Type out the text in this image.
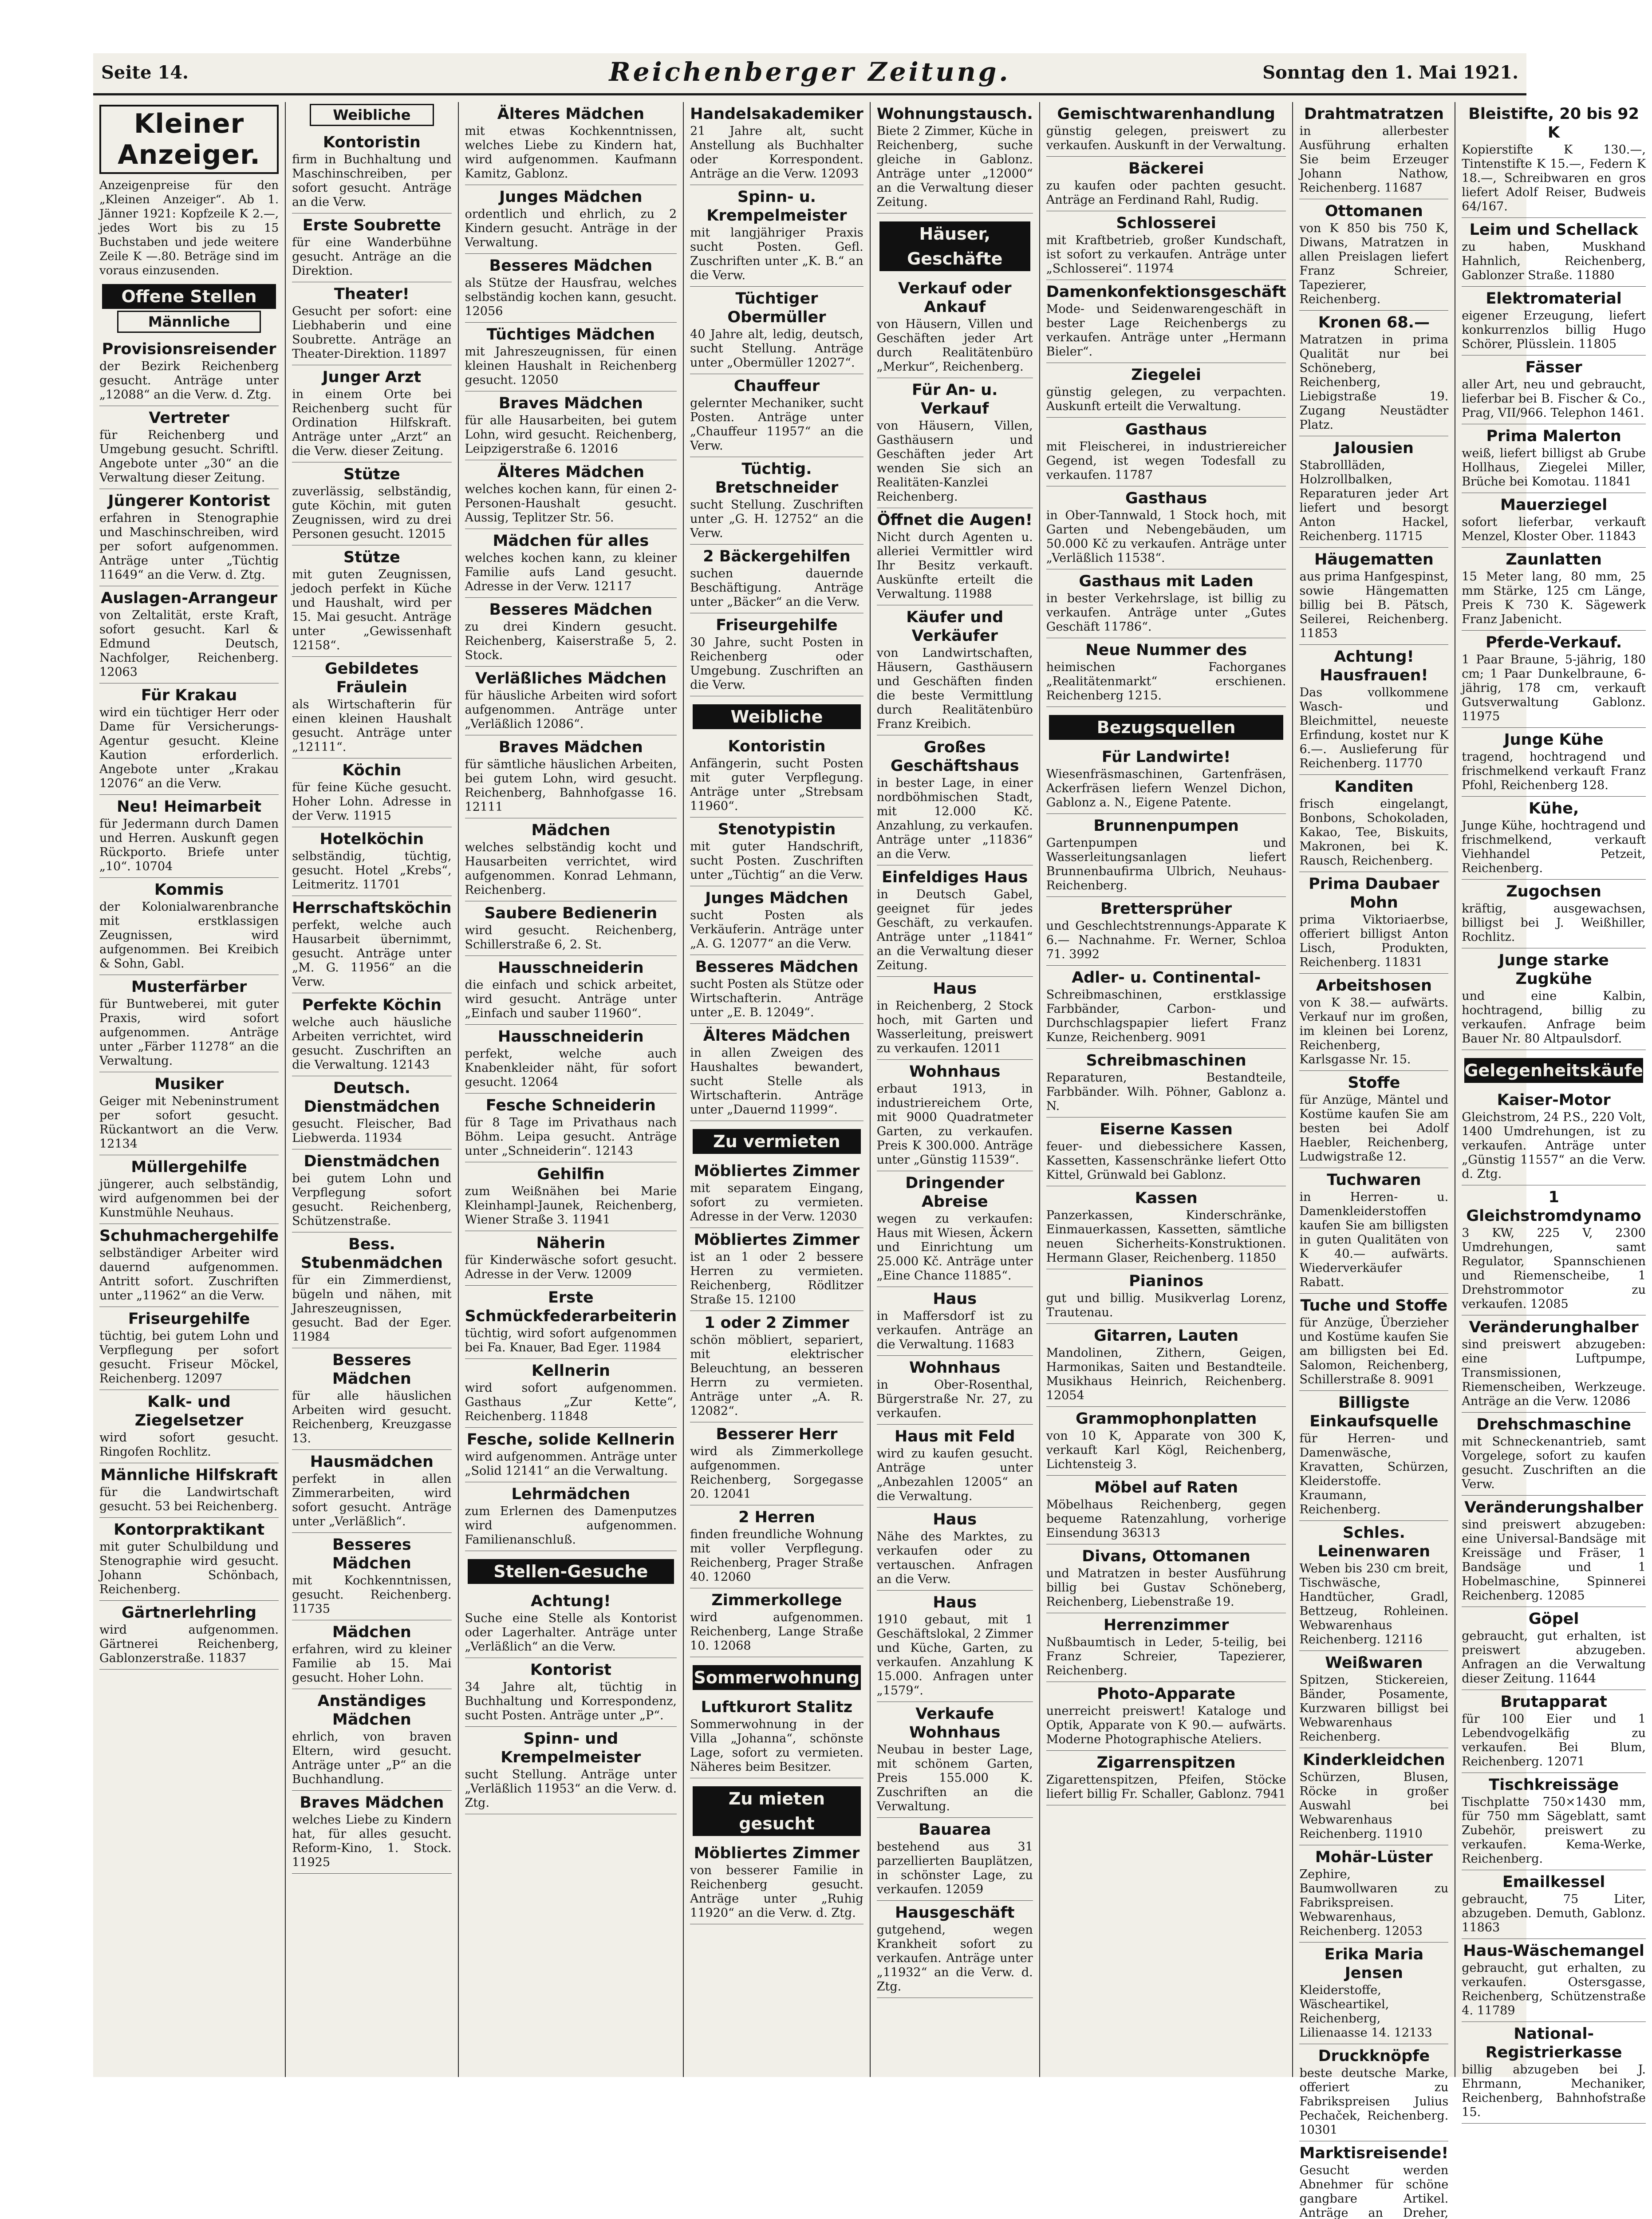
Seite 14.	Reichenberger Zeitung.	Sonntag den 1. Mai 1921.
Kleiner Anzeiger.
Anzeigenpreise für den „Kleinen Anzeiger“. Ab 1. Jänner 1921: Kopfzeile K 2.—, jedes Wort bis zu 15 Buchstaben und jede weitere Zeile K —.80. Beträge sind im voraus einzusenden.
Offene Stellen
Männliche
Provisionsreisender

der Bezirk Reichenberg gesucht. Anträge unter „12088“ an die Verw. d. Ztg.

Vertreter

für Reichenberg und Umgebung gesucht. Schriftl. Angebote unter „30“ an die Verwaltung dieser Zeitung.

Jüngerer Kontorist

erfahren in Stenographie und Maschinschreiben, wird per sofort aufgenommen. Anträge unter „Tüchtig 11649“ an die Verw. d. Ztg.

Auslagen-Arrangeur

von Zeltalität, erste Kraft, sofort gesucht. Karl & Edmund Deutsch, Nachfolger, Reichenberg. 12063

Für Krakau

wird ein tüchtiger Herr oder Dame für Versicherungs-Agentur gesucht. Kleine Kaution erforderlich. Angebote unter „Krakau 12076“ an die Verw.

Neu! Heimarbeit

für Jedermann durch Damen und Herren. Auskunft gegen Rückporto. Briefe unter „10“. 10704

Kommis

der Kolonialwarenbranche mit erstklassigen Zeugnissen, wird aufgenommen. Bei Kreibich & Sohn, Gabl.

Musterfärber

für Buntweberei, mit guter Praxis, wird sofort aufgenommen. Anträge unter „Färber 11278“ an die Verwaltung.

Musiker

Geiger mit Nebeninstrument per sofort gesucht. Rückantwort an die Verw. 12134

Müllergehilfe

jüngerer, auch selbständig, wird aufgenommen bei der Kunstmühle Neuhaus.

Schuhmachergehilfe

selbständiger Arbeiter wird dauernd aufgenommen. Antritt sofort. Zuschriften unter „11962“ an die Verw.

Friseurgehilfe

tüchtig, bei gutem Lohn und Verpflegung per sofort gesucht. Friseur Möckel, Reichenberg. 12097

Kalk- und Ziegelsetzer

wird sofort gesucht. Ringofen Rochlitz.

Männliche Hilfskraft

für die Landwirtschaft gesucht. 53 bei Reichenberg.

Kontorpraktikant

mit guter Schulbildung und Stenographie wird gesucht. Johann Schönbach, Reichenberg.

Gärtnerlehrling

wird aufgenommen. Gärtnerei Reichenberg, Gablonzerstraße. 11837

Weibliche
Kontoristin

firm in Buchhaltung und Maschinschreiben, per sofort gesucht. Anträge an die Verw.

Erste Soubrette

für eine Wanderbühne gesucht. Anträge an die Direktion.

Theater!

Gesucht per sofort: eine Liebhaberin und eine Soubrette. Anträge an Theater-Direktion. 11897

Junger Arzt

in einem Orte bei Reichenberg sucht für Ordination Hilfskraft. Anträge unter „Arzt“ an die Verw. dieser Zeitung.

Stütze

zuverlässig, selbständig, gute Köchin, mit guten Zeugnissen, wird zu drei Personen gesucht. 12015

Stütze

mit guten Zeugnissen, jedoch perfekt in Küche und Haushalt, wird per 15. Mai gesucht. Anträge unter „Gewissenhaft 12158“.

Gebildetes Fräulein

als Wirtschafterin für einen kleinen Haushalt gesucht. Anträge unter „12111“.

Köchin

für feine Küche gesucht. Hoher Lohn. Adresse in der Verw. 11915

Hotelköchin

selbständig, tüchtig, gesucht. Hotel „Krebs“, Leitmeritz. 11701

Herrschaftsköchin

perfekt, welche auch Hausarbeit übernimmt, gesucht. Anträge unter „M. G. 11956“ an die Verw.

Perfekte Köchin

welche auch häusliche Arbeiten verrichtet, wird gesucht. Zuschriften an die Verwaltung. 12143

Deutsch. Dienstmädchen

gesucht. Fleischer, Bad Liebwerda. 11934

Dienstmädchen

bei gutem Lohn und Verpflegung sofort gesucht. Reichenberg, Schützenstraße.

Bess. Stubenmädchen

für ein Zimmerdienst, bügeln und nähen, mit Jahreszeugnissen, gesucht. Bad der Eger. 11984

Besseres Mädchen

für alle häuslichen Arbeiten wird gesucht. Reichenberg, Kreuzgasse 13.

Hausmädchen

perfekt in allen Zimmerarbeiten, wird sofort gesucht. Anträge unter „Verläßlich“.

Besseres Mädchen

mit Kochkenntnissen, gesucht. Reichenberg. 11735

Mädchen

erfahren, wird zu kleiner Familie ab 15. Mai gesucht. Hoher Lohn.

Anständiges Mädchen

ehrlich, von braven Eltern, wird gesucht. Anträge unter „P“ an die Buchhandlung.

Braves Mädchen

welches Liebe zu Kindern hat, für alles gesucht. Reform-Kino, 1. Stock. 11925

Älteres Mädchen

mit etwas Kochkenntnissen, welches Liebe zu Kindern hat, wird aufgenommen. Kaufmann Kamitz, Gablonz.

Junges Mädchen

ordentlich und ehrlich, zu 2 Kindern gesucht. Anträge in der Verwaltung.

Besseres Mädchen

als Stütze der Hausfrau, welches selbständig kochen kann, gesucht. 12056

Tüchtiges Mädchen

mit Jahreszeugnissen, für einen kleinen Haushalt in Reichenberg gesucht. 12050

Braves Mädchen

für alle Hausarbeiten, bei gutem Lohn, wird gesucht. Reichenberg, Leipzigerstraße 6. 12016

Älteres Mädchen

welches kochen kann, für einen 2-Personen-Haushalt gesucht. Aussig, Teplitzer Str. 56.

Mädchen für alles

welches kochen kann, zu kleiner Familie aufs Land gesucht. Adresse in der Verw. 12117

Besseres Mädchen

zu drei Kindern gesucht. Reichenberg, Kaiserstraße 5, 2. Stock.

Verläßliches Mädchen

für häusliche Arbeiten wird sofort aufgenommen. Anträge unter „Verläßlich 12086“.

Braves Mädchen

für sämtliche häuslichen Arbeiten, bei gutem Lohn, wird gesucht. Reichenberg, Bahnhofgasse 16. 12111

Mädchen

welches selbständig kocht und Hausarbeiten verrichtet, wird aufgenommen. Konrad Lehmann, Reichenberg.

Saubere Bedienerin

wird gesucht. Reichenberg, Schillerstraße 6, 2. St.

Hausschneiderin

die einfach und schick arbeitet, wird gesucht. Anträge unter „Einfach und sauber 11960“.

Hausschneiderin

perfekt, welche auch Knabenkleider näht, für sofort gesucht. 12064

Fesche Schneiderin

für 8 Tage im Privathaus nach Böhm. Leipa gesucht. Anträge unter „Schneiderin“. 12143

Gehilfin

zum Weißnähen bei Marie Kleinhampl-Jaunek, Reichenberg, Wiener Straße 3. 11941

Näherin

für Kinderwäsche sofort gesucht. Adresse in der Verw. 12009

Erste Schmückfederarbeiterin

tüchtig, wird sofort aufgenommen bei Fa. Knauer, Bad Eger. 11984

Kellnerin

wird sofort aufgenommen. Gasthaus „Zur Kette“, Reichenberg. 11848

Fesche, solide Kellnerin

wird aufgenommen. Anträge unter „Solid 12141“ an die Verwaltung.

Lehrmädchen

zum Erlernen des Damenputzes wird aufgenommen. Familienanschluß.

Stellen-Gesuche
Achtung!

Suche eine Stelle als Kontorist oder Lagerhalter. Anträge unter „Verläßlich“ an die Verw.

Kontorist

34 Jahre alt, tüchtig in Buchhaltung und Korrespondenz, sucht Posten. Anträge unter „P“.

Spinn- und Krempelmeister

sucht Stellung. Anträge unter „Verläßlich 11953“ an die Verw. d. Ztg.

Handelsakademiker

21 Jahre alt, sucht Anstellung als Buchhalter oder Korrespondent. Anträge an die Verw. 12093

Spinn- u. Krempelmeister

mit langjähriger Praxis sucht Posten. Gefl. Zuschriften unter „K. B.“ an die Verw.

Tüchtiger Obermüller

40 Jahre alt, ledig, deutsch, sucht Stellung. Anträge unter „Obermüller 12027“.

Chauffeur

gelernter Mechaniker, sucht Posten. Anträge unter „Chauffeur 11957“ an die Verw.

Tüchtig. Bretschneider

sucht Stellung. Zuschriften unter „G. H. 12752“ an die Verw.

2 Bäckergehilfen

suchen dauernde Beschäftigung. Anträge unter „Bäcker“ an die Verw.

Friseurgehilfe

30 Jahre, sucht Posten in Reichenberg oder Umgebung. Zuschriften an die Verw.

Weibliche
Kontoristin

Anfängerin, sucht Posten mit guter Verpflegung. Anträge unter „Strebsam 11960“.

Stenotypistin

mit guter Handschrift, sucht Posten. Zuschriften unter „Tüchtig“ an die Verw.

Junges Mädchen

sucht Posten als Verkäuferin. Anträge unter „A. G. 12077“ an die Verw.

Besseres Mädchen

sucht Posten als Stütze oder Wirtschafterin. Anträge unter „E. B. 12049“.

Älteres Mädchen

in allen Zweigen des Haushaltes bewandert, sucht Stelle als Wirtschafterin. Anträge unter „Dauernd 11999“.

Zu vermieten
Möbliertes Zimmer

mit separatem Eingang, sofort zu vermieten. Adresse in der Verw. 12030

Möbliertes Zimmer

ist an 1 oder 2 bessere Herren zu vermieten. Reichenberg, Rödlitzer Straße 15. 12100

1 oder 2 Zimmer

schön möbliert, separiert, mit elektrischer Beleuchtung, an besseren Herrn zu vermieten. Anträge unter „A. R. 12082“.

Besserer Herr

wird als Zimmerkollege aufgenommen. Reichenberg, Sorgegasse 20. 12041

2 Herren

finden freundliche Wohnung mit voller Verpflegung. Reichenberg, Prager Straße 40. 12060

Zimmerkollege

wird aufgenommen. Reichenberg, Lange Straße 10. 12068

Sommerwohnung
Luftkurort Stalitz

Sommerwohnung in der Villa „Johanna“, schönste Lage, sofort zu vermieten. Näheres beim Besitzer.

Zu mieten gesucht
Möbliertes Zimmer

von besserer Familie in Reichenberg gesucht. Anträge unter „Ruhig 11920“ an die Verw. d. Ztg.

Wohnungstausch.

Biete 2 Zimmer, Küche in Reichenberg, suche gleiche in Gablonz. Anträge unter „12000“ an die Verwaltung dieser Zeitung.

Häuser, Geschäfte
Verkauf oder Ankauf

von Häusern, Villen und Geschäften jeder Art durch Realitätenbüro „Merkur“, Reichenberg.

Für An- u. Verkauf

von Häusern, Villen, Gasthäusern und Geschäften jeder Art wenden Sie sich an Realitäten-Kanzlei Reichenberg.

Öffnet die Augen!

Nicht durch Agenten u. alleriei Vermittler wird Ihr Besitz verkauft. Auskünfte erteilt die Verwaltung. 11988

Käufer und Verkäufer

von Landwirtschaften, Häusern, Gasthäusern und Geschäften finden die beste Vermittlung durch Realitätenbüro Franz Kreibich.

Großes Geschäftshaus

in bester Lage, in einer nordböhmischen Stadt, mit 12.000 Kč. Anzahlung, zu verkaufen. Anträge unter „11836“ an die Verw.

Einfeldiges Haus

in Deutsch Gabel, geeignet für jedes Geschäft, zu verkaufen. Anträge unter „11841“ an die Verwaltung dieser Zeitung.

Haus

in Reichenberg, 2 Stock hoch, mit Garten und Wasserleitung, preiswert zu verkaufen. 12011

Wohnhaus

erbaut 1913, in industriereichem Orte, mit 9000 Quadratmeter Garten, zu verkaufen. Preis K 300.000. Anträge unter „Günstig 11539“.

Dringender Abreise

wegen zu verkaufen: Haus mit Wiesen, Äckern und Einrichtung um 25.000 Kč. Anträge unter „Eine Chance 11885“.

Haus

in Maffersdorf ist zu verkaufen. Anträge an die Verwaltung. 11683

Wohnhaus

in Ober-Rosenthal, Bürgerstraße Nr. 27, zu verkaufen.

Haus mit Feld

wird zu kaufen gesucht. Anträge unter „Anbezahlen 12005“ an die Verwaltung.

Haus

Nähe des Marktes, zu verkaufen oder zu vertauschen. Anfragen an die Verw.

Haus

1910 gebaut, mit 1 Geschäftslokal, 2 Zimmer und Küche, Garten, zu verkaufen. Anzahlung K 15.000. Anfragen unter „1579“.

Verkaufe Wohnhaus

Neubau in bester Lage, mit schönem Garten, Preis 155.000 K. Zuschriften an die Verwaltung.

Bauarea

bestehend aus 31 parzellierten Bauplätzen, in schönster Lage, zu verkaufen. 12059

Hausgeschäft

gutgehend, wegen Krankheit sofort zu verkaufen. Anträge unter „11932“ an die Verw. d. Ztg.

Gemischtwarenhandlung

günstig gelegen, preiswert zu verkaufen. Auskunft in der Verwaltung.

Bäckerei

zu kaufen oder pachten gesucht. Anträge an Ferdinand Rahl, Rudig.

Schlosserei

mit Kraftbetrieb, großer Kundschaft, ist sofort zu verkaufen. Anträge unter „Schlosserei“. 11974

Damenkonfektionsgeschäft

Mode- und Seidenwarengeschäft in bester Lage Reichenbergs zu verkaufen. Anträge unter „Hermann Bieler“.

Ziegelei

günstig gelegen, zu verpachten. Auskunft erteilt die Verwaltung.

Gasthaus

mit Fleischerei, in industriereicher Gegend, ist wegen Todesfall zu verkaufen. 11787

Gasthaus

in Ober-Tannwald, 1 Stock hoch, mit Garten und Nebengebäuden, um 50.000 Kč zu verkaufen. Anträge unter „Verläßlich 11538“.

Gasthaus mit Laden

in bester Verkehrslage, ist billig zu verkaufen. Anträge unter „Gutes Geschäft 11786“.

Neue Nummer des

heimischen Fachorganes „Realitätenmarkt“ erschienen. Reichenberg 1215.

Bezugsquellen
Für Landwirte!

Wiesenfräsmaschinen, Gartenfräsen, Ackerfräsen liefern Wenzel Dichon, Gablonz a. N., Eigene Patente.

Brunnenpumpen

Gartenpumpen und Wasserleitungsanlagen liefert Brunnenbaufirma Ulbrich, Neuhaus-Reichenberg.

Brettersprüher

und Geschlechtstrennungs-Apparate K 6.— Nachnahme. Fr. Werner, Schloa 71. 3992

Adler- u. Continental-

Schreibmaschinen, erstklassige Farbbänder, Carbon- und Durchschlagspapier liefert Franz Kunze, Reichenberg. 9091

Schreibmaschinen

Reparaturen, Bestandteile, Farbbänder. Wilh. Pöhner, Gablonz a. N.

Eiserne Kassen

feuer- und diebessichere Kassen, Kassetten, Kassenschränke liefert Otto Kittel, Grünwald bei Gablonz.

Kassen

Panzerkassen, Kinderschränke, Einmauerkassen, Kassetten, sämtliche neuen Sicherheits-Konstruktionen. Hermann Glaser, Reichenberg. 11850

Pianinos

gut und billig. Musikverlag Lorenz, Trautenau.

Gitarren, Lauten

Mandolinen, Zithern, Geigen, Harmonikas, Saiten und Bestandteile. Musikhaus Heinrich, Reichenberg. 12054

Grammophonplatten

von 10 K, Apparate von 300 K, verkauft Karl Kögl, Reichenberg, Lichtensteig 3.

Möbel auf Raten

Möbelhaus Reichenberg, gegen bequeme Ratenzahlung, vorherige Einsendung 36313

Divans, Ottomanen

und Matratzen in bester Ausführung billig bei Gustav Schöneberg, Reichenberg, Liebenstraße 19.

Herrenzimmer

Nußbaumtisch in Leder, 5-teilig, bei Franz Schreier, Tapezierer, Reichenberg.

Photo-Apparate

unerreicht preiswert! Kataloge und Optik, Apparate von K 90.— aufwärts. Moderne Photographische Ateliers.

Zigarrenspitzen

Zigarettenspitzen, Pfeifen, Stöcke liefert billig Fr. Schaller, Gablonz. 7941

Drahtmatratzen

in allerbester Ausführung erhalten Sie beim Erzeuger Johann Nathow, Reichenberg. 11687

Ottomanen

von K 850 bis 750 K, Diwans, Matratzen in allen Preislagen liefert Franz Schreier, Tapezierer, Reichenberg.

Kronen 68.—

Matratzen in prima Qualität nur bei Schöneberg, Reichenberg, Liebigstraße 19. Zugang Neustädter Platz.

Jalousien

Stabrollläden, Holzrollbalken, Reparaturen jeder Art liefert und besorgt Anton Hackel, Reichenberg. 11715

Häugematten

aus prima Hanfgespinst, sowie Hängematten billig bei B. Pätsch, Seilerei, Reichenberg. 11853

Achtung! Hausfrauen!

Das vollkommene Wasch- und Bleichmittel, neueste Erfindung, kostet nur K 6.—. Auslieferung für Reichenberg. 11770

Kanditen

frisch eingelangt, Bonbons, Schokoladen, Kakao, Tee, Biskuits, Makronen, bei K. Rausch, Reichenberg.

Prima Daubaer Mohn

prima Viktoriaerbse, offeriert billigst Anton Lisch, Produkten, Reichenberg. 11831

Arbeitshosen

von K 38.— aufwärts. Verkauf nur im großen, im kleinen bei Lorenz, Reichenberg, Karlsgasse Nr. 15.

Stoffe

für Anzüge, Mäntel und Kostüme kaufen Sie am besten bei Adolf Haebler, Reichenberg, Ludwigstraße 12.

Tuchwaren

in Herren- u. Damenkleiderstoffen kaufen Sie am billigsten in guten Qualitäten von K 40.— aufwärts. Wiederverkäufer Rabatt.

Tuche und Stoffe

für Anzüge, Überzieher und Kostüme kaufen Sie am billigsten bei Ed. Salomon, Reichenberg, Schillerstraße 8. 9091

Billigste Einkaufsquelle

für Herren- und Damenwäsche, Kravatten, Schürzen, Kleiderstoffe. Kraumann, Reichenberg.

Schles. Leinenwaren

Weben bis 230 cm breit, Tischwäsche, Handtücher, Gradl, Bettzeug, Rohleinen. Webwarenhaus Reichenberg. 12116

Weißwaren

Spitzen, Stickereien, Bänder, Posamente, Kurzwaren billigst bei Webwarenhaus Reichenberg.

Kinderkleidchen

Schürzen, Blusen, Röcke in großer Auswahl bei Webwarenhaus Reichenberg. 11910

Mohär-Lüster

Zephire, Baumwollwaren zu Fabrikspreisen. Webwarenhaus, Reichenberg. 12053

Erika Maria Jensen

Kleiderstoffe, Wäscheartikel, Reichenberg, Lilienaasse 14. 12133

Druckknöpfe

beste deutsche Marke, offeriert zu Fabrikspreisen Julius Pechaček, Reichenberg. 10301

Marktisreisende!

Gesucht werden Abnehmer für schöne gangbare Artikel. Anträge an Dreher,

Bleistifte, 20 bis 92 K

Kopierstifte K 130.—, Tintenstifte K 15.—, Federn K 18.—, Schreibwaren en gros liefert Adolf Reiser, Budweis 64/167.

Leim und Schellack

zu haben, Muskhand Hahnlich, Reichenberg, Gablonzer Straße. 11880

Elektromaterial

eigener Erzeugung, liefert konkurrenzlos billig Hugo Schörer, Plüsslein. 11805

Fässer

aller Art, neu und gebraucht, lieferbar bei B. Fischer & Co., Prag, VII/966. Telephon 1461.

Prima Malerton

weiß, liefert billigst ab Grube Hollhaus, Ziegelei Miller, Brüche bei Komotau. 11841

Mauerziegel

sofort lieferbar, verkauft Menzel, Kloster Ober. 11843

Zaunlatten

15 Meter lang, 80 mm, 25 mm Stärke, 125 cm Länge, Preis K 730 K. Sägewerk Franz Jabenicht.

Pferde-Verkauf.

1 Paar Braune, 5-jährig, 180 cm; 1 Paar Dunkelbraune, 6-jährig, 178 cm, verkauft Gutsverwaltung Gablonz. 11975

Junge Kühe

tragend, hochtragend und frischmelkend verkauft Franz Pfohl, Reichenberg 128.

Kühe,

Junge Kühe, hochtragend und frischmelkend, verkauft Viehhandel Petzeit, Reichenberg.

Zugochsen

kräftig, ausgewachsen, billigst bei J. Weißhiller, Rochlitz.

Junge starke Zugkühe

und eine Kalbin, hochtragend, billig zu verkaufen. Anfrage beim Bauer Nr. 80 Altpaulsdorf.

Gelegenheitskäufe
Kaiser-Motor

Gleichstrom, 24 P.S., 220 Volt, 1400 Umdrehungen, ist zu verkaufen. Anträge unter „Günstig 11557“ an die Verw. d. Ztg.

1 Gleichstromdynamo

3 KW, 225 V, 2300 Umdrehungen, samt Regulator, Spannschienen und Riemenscheibe, 1 Drehstrommotor zu verkaufen. 12085

Veränderunghalber

sind preiswert abzugeben: eine Luftpumpe, Transmissionen, Riemenscheiben, Werkzeuge. Anträge an die Verw. 12086

Drehschmaschine

mit Schneckenantrieb, samt Vorgelege, sofort zu kaufen gesucht. Zuschriften an die Verw.

Veränderungshalber

sind preiswert abzugeben: eine Universal-Bandsäge mit Kreissäge und Fräser, 1 Bandsäge und 1 Hobelmaschine, Spinnerei Reichenberg. 12085

Göpel

gebraucht, gut erhalten, ist preiswert abzugeben. Anfragen an die Verwaltung dieser Zeitung. 11644

Brutapparat

für 100 Eier und 1 Lebendvogelkäfig zu verkaufen. Bei Blum, Reichenberg. 12071

Tischkreissäge

Tischplatte 750×1430 mm, für 750 mm Sägeblatt, samt Zubehör, preiswert zu verkaufen. Kema-Werke, Reichenberg.

Emailkessel

gebraucht, 75 Liter, abzugeben. Demuth, Gablonz. 11863

Haus-Wäschemangel

gebraucht, gut erhalten, zu verkaufen. Ostersgasse, Reichenberg, Schützenstraße 4. 11789

National-Registrierkasse

billig abzugeben bei J. Ehrmann, Mechaniker, Reichenberg, Bahnhofstraße 15.
